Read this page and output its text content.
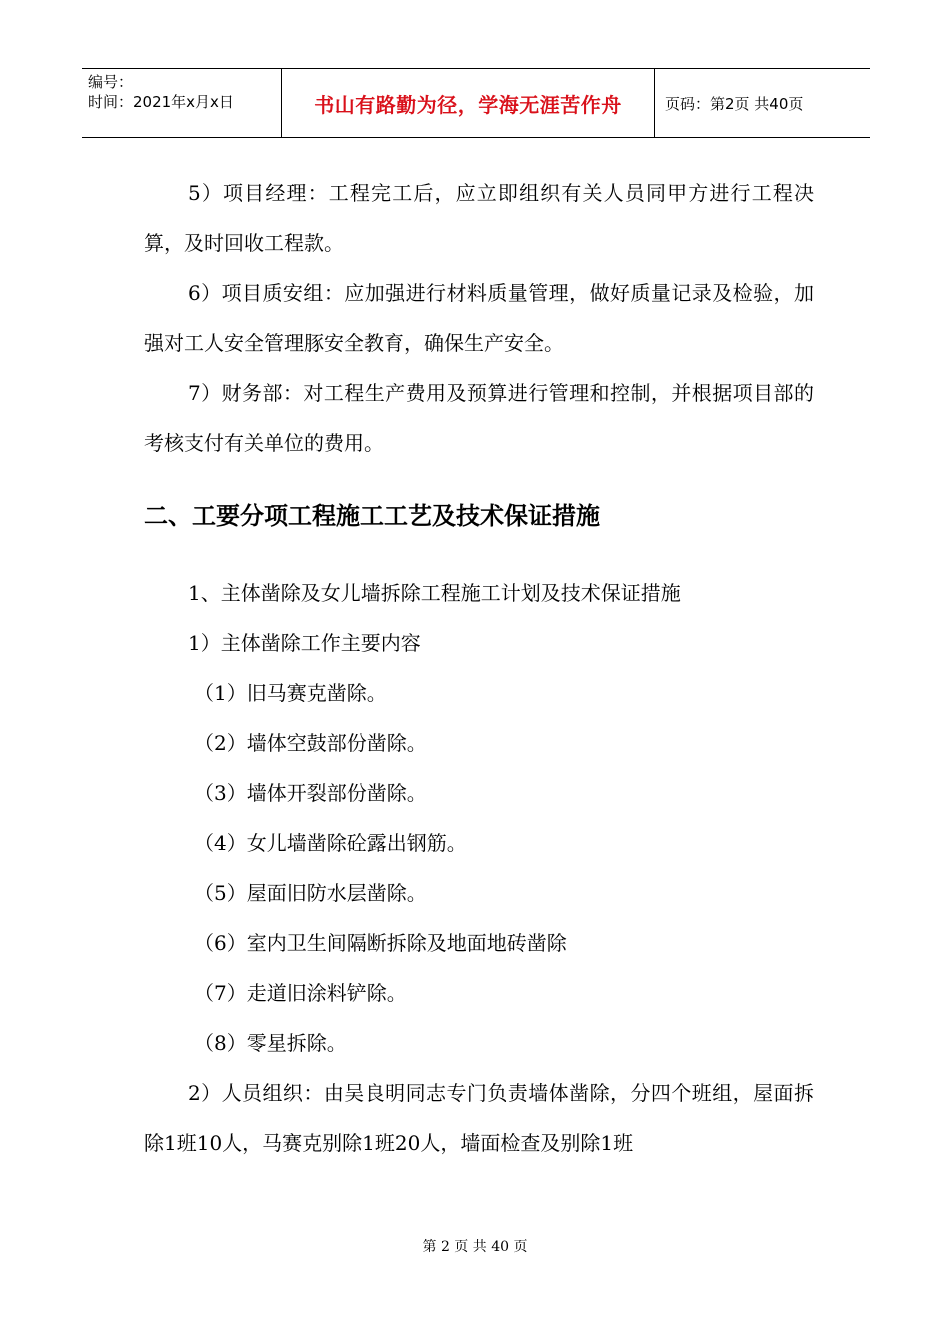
编号：
时间：2021年x月x日	书山有路勤为径，学海无涯苦作舟	页码：第2页 共40页

5）项目经理：工程完工后，应立即组织有关人员同甲方进行工程决算，及时回收工程款。

6）项目质安组：应加强进行材料质量管理，做好质量记录及检验，加强对工人安全管理豚安全教育，确保生产安全。

7）财务部：对工程生产费用及预算进行管理和控制，并根据项目部的考核支付有关单位的费用。

二、工要分项工程施工工艺及技术保证措施

1、主体凿除及女儿墙拆除工程施工计划及技术保证措施

1）主体凿除工作主要内容

（1）旧马赛克凿除。

（2）墙体空鼓部份凿除。

（3）墙体开裂部份凿除。

（4）女儿墙凿除砼露出钢筋。

（5）屋面旧防水层凿除。

（6）室内卫生间隔断拆除及地面地砖凿除

（7）走道旧涂料铲除。

（8）零星拆除。

2）人员组织：由吴良明同志专门负责墙体凿除，分四个班组，屋面拆除1班10人，马赛克别除1班20人，墙面检查及别除1班

第 2 页 共 40 页
